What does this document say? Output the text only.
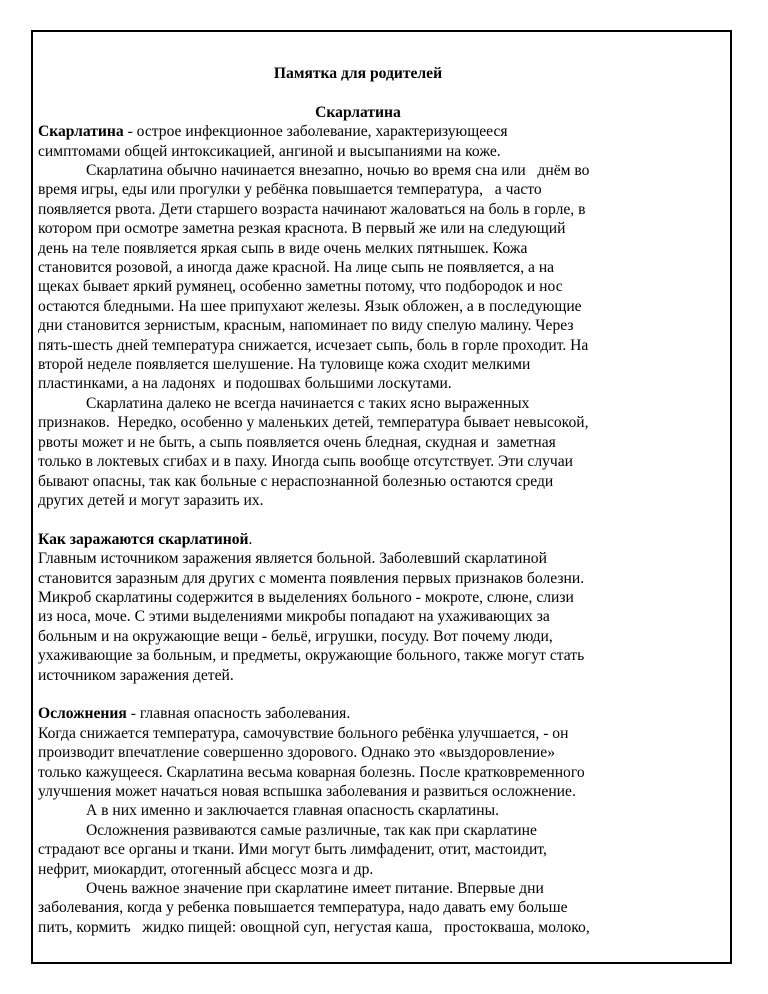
Памятка для родителей
Скарлатина
Скарлатина - острое инфекционное заболевание, характеризующееся
симптомами общей интоксикацией, ангиной и высыпаниями на коже.
Скарлатина обычно начинается внезапно, ночью во время сна или   днём во
время игры, еды или прогулки у ребёнка повышается температура,   а часто
появляется рвота. Дети старшего возраста начинают жаловаться на боль в горле, в
котором при осмотре заметна резкая краснота. В первый же или на следующий
день на теле появляется яркая сыпь в виде очень мелких пятнышек. Кожа
становится розовой, а иногда даже красной. На лице сыпь не появляется, а на
щеках бывает яркий румянец, особенно заметны потому, что подбородок и нос
остаются бледными. На шее припухают железы. Язык обложен, а в последующие
дни становится зернистым, красным, напоминает по виду спелую малину. Через
пять-шесть дней температура снижается, исчезает сыпь, боль в горле проходит. На
второй неделе появляется шелушение. На туловище кожа сходит мелкими
пластинками, а на ладонях  и подошвах большими лоскутами.
Скарлатина далеко не всегда начинается с таких ясно выраженных
признаков.  Нередко, особенно у маленьких детей, температура бывает невысокой,
рвоты может и не быть, а сыпь появляется очень бледная, скудная и  заметная
только в локтевых сгибах и в паху. Иногда сыпь вообще отсутствует. Эти случаи
бывают опасны, так как больные с нераспознанной болезнью остаются среди
других детей и могут заразить их.
Как заражаются скарлатиной.
Главным источником заражения является больной. Заболевший скарлатиной
становится заразным для других с момента появления первых признаков болезни.
Микроб скарлатины содержится в выделениях больного - мокроте, слюне, слизи
из носа, моче. С этими выделениями микробы попадают на ухаживающих за
больным и на окружающие вещи - бельё, игрушки, посуду. Вот почему люди,
ухаживающие за больным, и предметы, окружающие больного, также могут стать
источником заражения детей.
Осложнения - главная опасность заболевания.
Когда снижается температура, самочувствие больного ребёнка улучшается, - он
производит впечатление совершенно здорового. Однако это «выздоровление»
только кажущееся. Скарлатина весьма коварная болезнь. После кратковременного
улучшения может начаться новая вспышка заболевания и развиться осложнение.
А в них именно и заключается главная опасность скарлатины.
Осложнения развиваются самые различные, так как при скарлатине
страдают все органы и ткани. Ими могут быть лимфаденит, отит, мастоидит,
нефрит, миокардит, отогенный абсцесс мозга и др.
Очень важное значение при скарлатине имеет питание. Впервые дни
заболевания, когда у ребенка повышается температура, надо давать ему больше
пить, кормить   жидко пищей: овощной суп, негустая каша,   простокваша, молоко,
